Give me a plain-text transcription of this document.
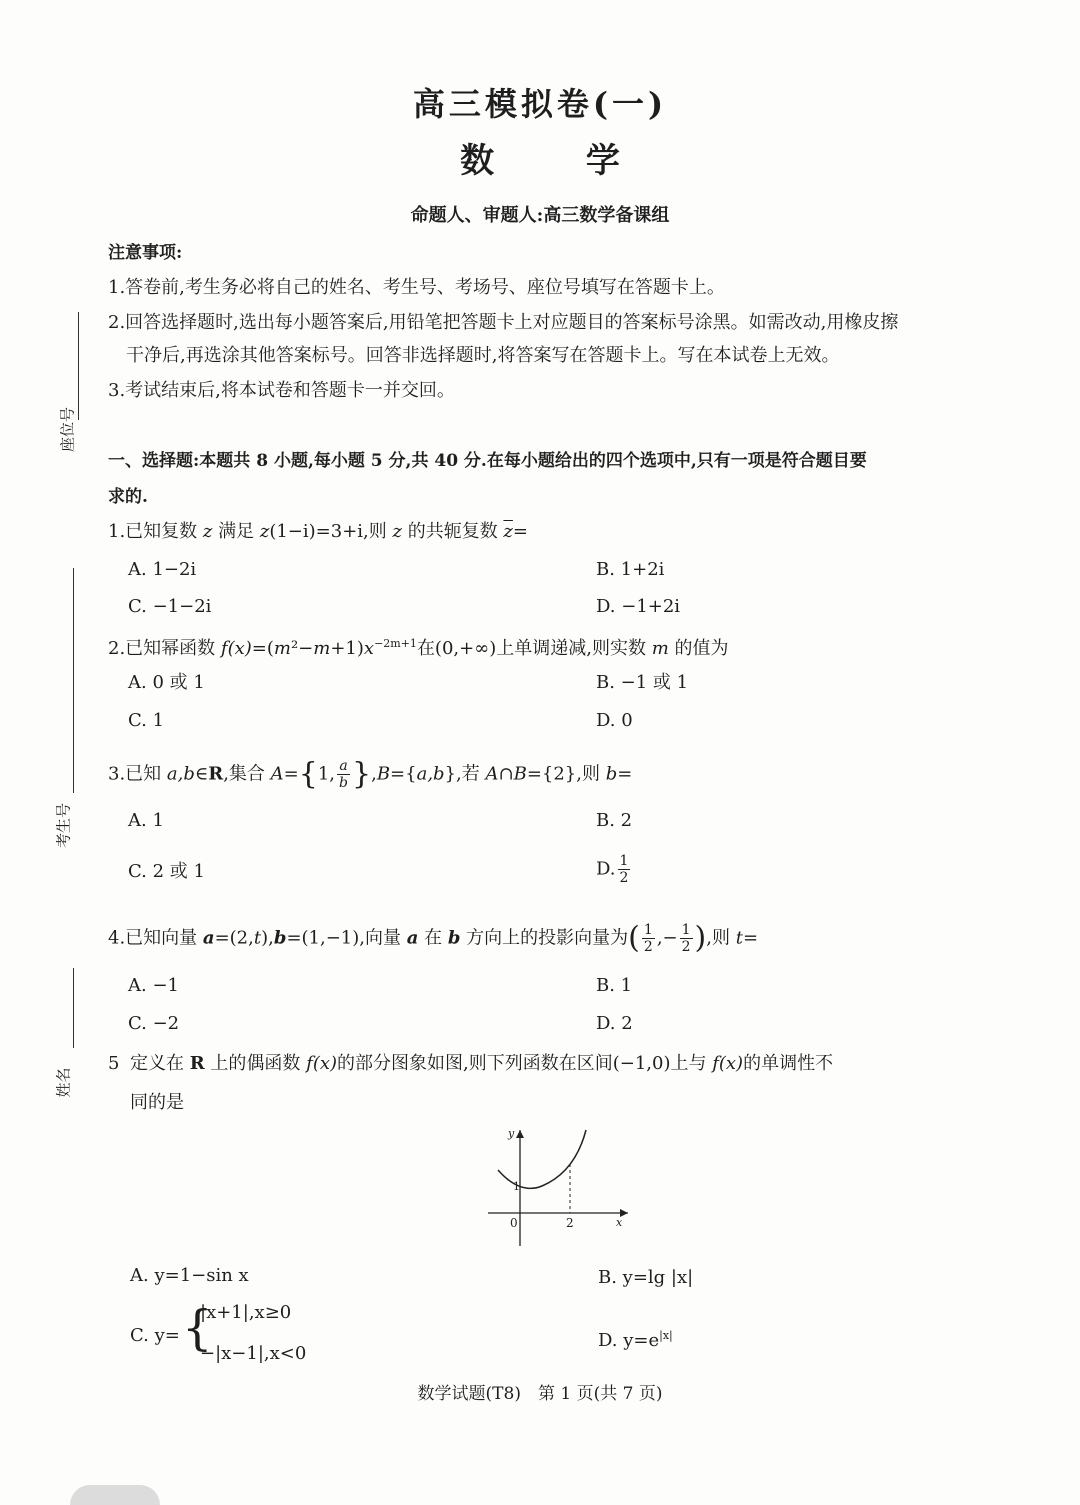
高三模拟卷(一)
数 学
命题人、审题人:高三数学备课组
注意事项:
1.答卷前,考生务必将自己的姓名、考生号、考场号、座位号填写在答题卡上。
2.回答选择题时,选出每小题答案后,用铅笔把答题卡上对应题目的答案标号涂黑。如需改动,用橡皮擦
干净后,再选涂其他答案标号。回答非选择题时,将答案写在答题卡上。写在本试卷上无效。
3.考试结束后,将本试卷和答题卡一并交回。
座位号
考生号
姓名
一、选择题:本题共 8 小题,每小题 5 分,共 40 分.在每小题给出的四个选项中,只有一项是符合题目要
求的.
1.已知复数 z 满足 z(1−i)=3+i,则 z 的共轭复数 $\overline{z}=$
A. 1−2i	B. 1+2i
C. −1−2i	D. −1+2i
2.已知幂函数 $f(x)=(m^2-m+1)x^{-2m+1}$在(0,+∞)上单调递减,则实数 m 的值为
A. 0 或 1	B. −1 或 1
C. 1	D. 0
3.已知 a,b∈R,集合 A={1, $\frac{a}{b} \},B=\{a,b\}$,若 A∩B={2},则 b=
A. 1	B. 2
C. 2 或 1	D. $\frac{1}{2}$
4.已知向量 a=(2,t),b=(1,−1),向量 a 在 b 方向上的投影向量为( $\frac{1}{2}$ ,− $\frac{1}{2}$ ),则 t=
A. −1	B. 1
C. −2	D. 2
5 定义在 R 上的偶函数 f(x)的部分图象如图,则下列函数在区间(−1,0)上与 f(x)的单调性不
同的是
y
x
0	2
1
A. y=1−sin x	B. y=lg |x|
C. y= {
|x+1|,x≥0
−|x−1|,x<0
D. $y=e^{|x|}$
数学试题(T8)　第 1 页(共 7 页)
